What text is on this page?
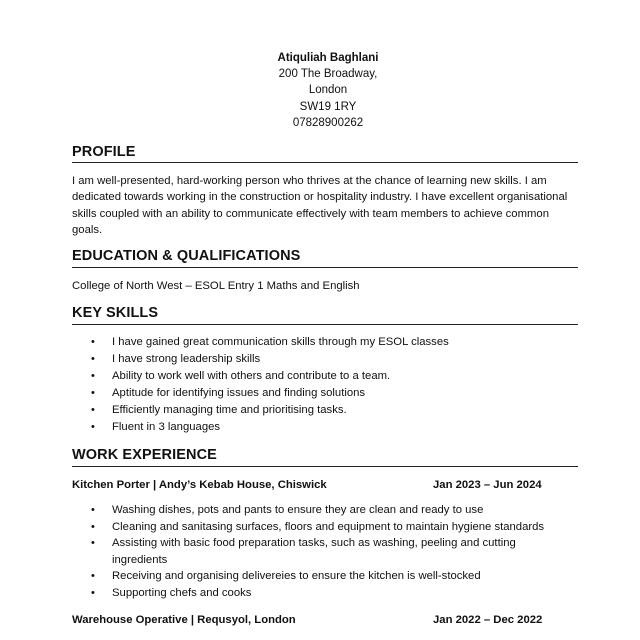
Atiquliah Baghlani
200 The Broadway,
London
SW19 1RY
07828900262
PROFILE
I am well-presented, hard-working person who thrives at the chance of learning new skills. I am dedicated towards working in the construction or hospitality industry. I have excellent organisational skills coupled with an ability to communicate effectively with team members to achieve common goals.
EDUCATION & QUALIFICATIONS
College of North West – ESOL Entry 1 Maths and English
KEY SKILLS
• I have gained great communication skills through my ESOL classes
• I have strong leadership skills
• Ability to work well with others and contribute to a team.
• Aptitude for identifying issues and finding solutions
• Efficiently managing time and prioritising tasks.
• Fluent in 3 languages
WORK EXPERIENCE
Kitchen Porter | Andy’s Kebab House, Chiswick	Jan 2023 – Jun 2024
• Washing dishes, pots and pants to ensure they are clean and ready to use
• Cleaning and sanitasing surfaces, floors and equipment to maintain hygiene standards
• Assisting with basic food preparation tasks, such as washing, peeling and cutting ingredients
• Receiving and organising delivereies to ensure the kitchen is well-stocked
• Supporting chefs and cooks
Warehouse Operative | Requsyol, London	Jan 2022 – Dec 2022
